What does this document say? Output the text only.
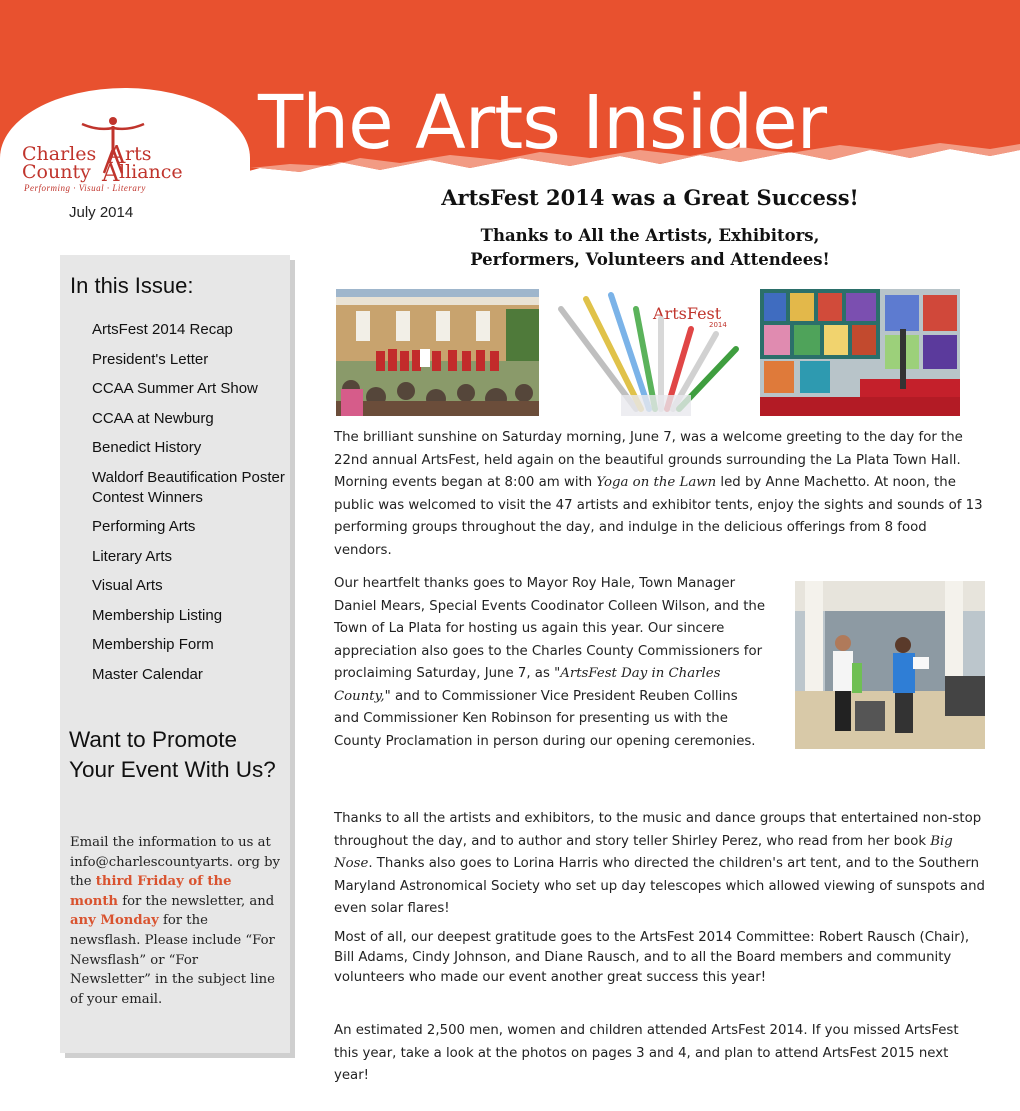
The Arts Insider
Charles A rts
County A lliance
Performing · Visual · Literary
July 2014
In this Issue:
ArtsFest 2014 Recap
President's Letter
CCAA Summer Art Show
CCAA at Newburg
Benedict History
Waldorf Beautification Poster Contest Winners
Performing Arts
Literary Arts
Visual Arts
Membership Listing
Membership Form
Master Calendar
Want to Promote Your Event With Us?
Email the information to us at info@charlescountyarts. org by the third Friday of the month for the newsletter, and any Monday for the newsflash. Please include “For Newsflash” or “For Newsletter” in the subject line of your email.
ArtsFest 2014 was a Great Success!
Thanks to All the Artists, Exhibitors,
Performers, Volunteers and Attendees!
ArtsFest
2014

The brilliant sunshine on Saturday morning, June 7, was a welcome greeting to the day for the 22nd annual ArtsFest, held again on the beautiful grounds surrounding the La Plata Town Hall. Morning events began at 8:00 am with Yoga on the Lawn led by Anne Machetto. At noon, the public was welcomed to visit the 47 artists and exhibitor tents, enjoy the sights and sounds of 13 performing groups throughout the day, and indulge in the delicious offerings from 8 food vendors.

Our heartfelt thanks goes to Mayor Roy Hale, Town Manager Daniel Mears, Special Events Coodinator Colleen Wilson, and the Town of La Plata for hosting us again this year. Our sincere appreciation also goes to the Charles County Commissioners for proclaiming Saturday, June 7, as "ArtsFest Day in Charles County," and to Commissioner Vice President Reuben Collins and Commissioner Ken Robinson for presenting us with the County Proclamation in person during our opening ceremonies.

Thanks to all the artists and exhibitors, to the music and dance groups that entertained non-stop throughout the day, and to author and story teller Shirley Perez, who read from her book Big Nose. Thanks also goes to Lorina Harris who directed the children's art tent, and to the Southern Maryland Astronomical Society who set up day telescopes which allowed viewing of sunspots and even solar flares!

Most of all, our deepest gratitude goes to the ArtsFest 2014 Committee: Robert Rausch (Chair), Bill Adams, Cindy Johnson, and Diane Rausch, and to all the Board members and community volunteers who made our event another great success this year!

An estimated 2,500 men, women and children attended ArtsFest 2014. If you missed ArtsFest this year, take a look at the photos on pages 3 and 4, and plan to attend ArtsFest 2015 next year!
